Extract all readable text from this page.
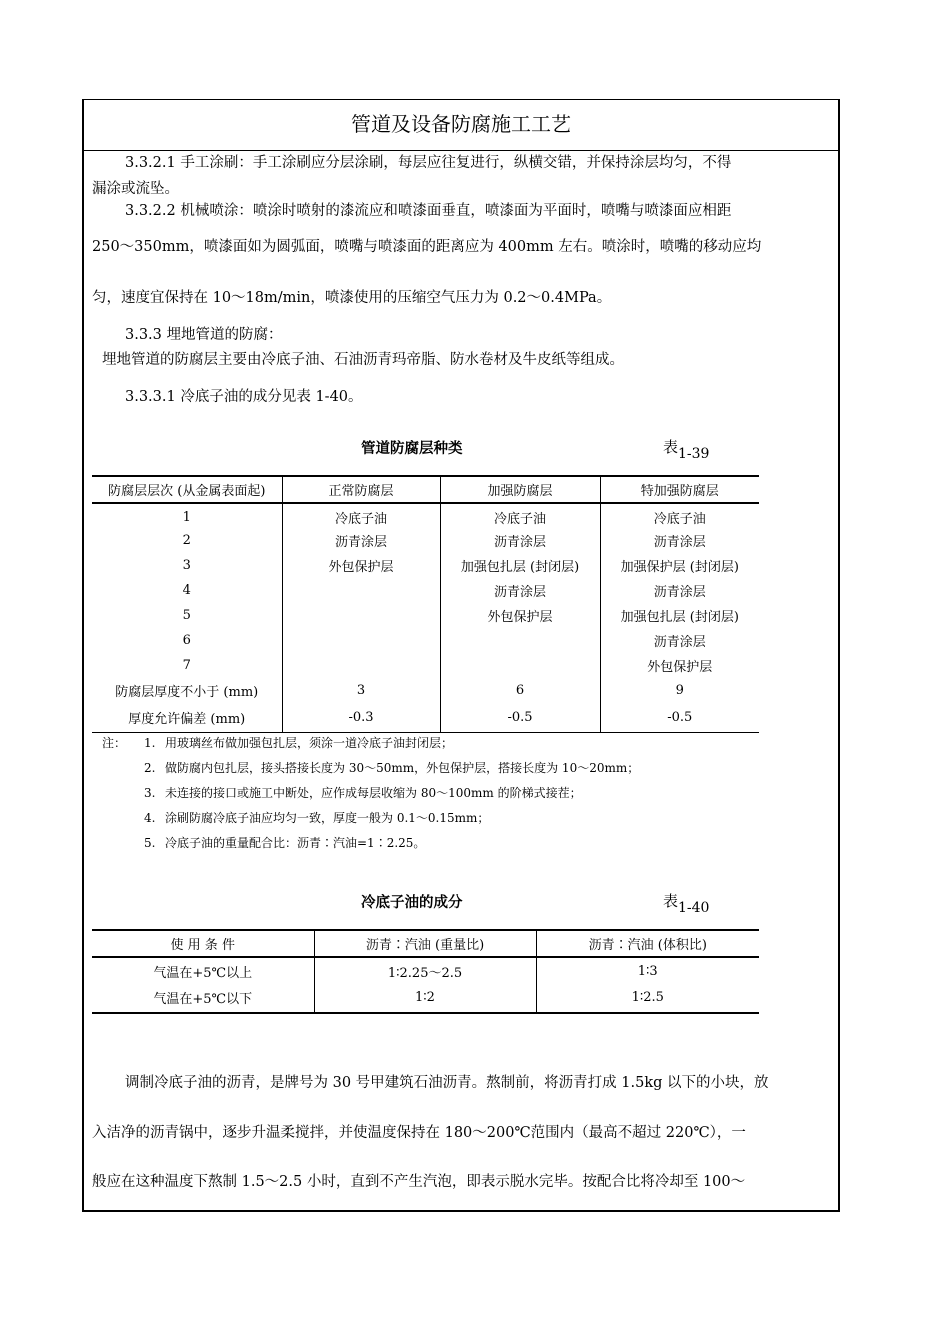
管道及设备防腐施工工艺
3.3.2.1 手工涂刷：手工涂刷应分层涂刷，每层应往复进行，纵横交错，并保持涂层均匀，不得
漏涂或流坠。
3.3.2.2 机械喷涂：喷涂时喷射的漆流应和喷漆面垂直，喷漆面为平面时，喷嘴与喷漆面应相距
250～350mm，喷漆面如为圆弧面，喷嘴与喷漆面的距离应为 400mm 左右。喷涂时，喷嘴的移动应均
匀，速度宜保持在 10～18m/min，喷漆使用的压缩空气压力为 0.2～0.4MPa。
3.3.3 埋地管道的防腐：
埋地管道的防腐层主要由冷底子油、石油沥青玛帝脂、防水卷材及牛皮纸等组成。
3.3.3.1 冷底子油的成分见表 1-40。
管道防腐层种类	表1-39
防腐层层次 (从金属表面起)	正常防腐层	加强防腐层	特加强防腐层
1	冷底子油	冷底子油	冷底子油
2	沥青涂层	沥青涂层	沥青涂层
3	外包保护层	加强包扎层 (封闭层)	加强保护层 (封闭层)
4		沥青涂层	沥青涂层
5		外包保护层	加强包扎层 (封闭层)
6			沥青涂层
7			外包保护层
防腐层厚度不小于 (mm)	3	6	9
厚度允许偏差 (mm)	-0.3	-0.5	-0.5
注： 1. 用玻璃丝布做加强包扎层，须涂一道冷底子油封闭层；
2. 做防腐内包扎层，接头搭接长度为 30～50mm，外包保护层，搭接长度为 10～20mm；
3. 未连接的接口或施工中断处，应作成每层收缩为 80～100mm 的阶梯式接茬；
4. 涂刷防腐冷底子油应均匀一致，厚度一般为 0.1～0.15mm；
5. 冷底子油的重量配合比：沥青∶汽油=1∶2.25。
冷底子油的成分	表1-40
使 用 条 件	沥青∶汽油 (重量比)	沥青∶汽油 (体积比)
气温在+5℃以上	1∶2.25～2.5	1∶3
气温在+5℃以下	1∶2	1∶2.5
调制冷底子油的沥青，是牌号为 30 号甲建筑石油沥青。熬制前，将沥青打成 1.5kg 以下的小块，放
入洁净的沥青锅中，逐步升温柔搅拌，并使温度保持在 180～200℃范围内（最高不超过 220℃），一
般应在这种温度下熬制 1.5～2.5 小时，直到不产生汽泡，即表示脱水完毕。按配合比将冷却至 100～
